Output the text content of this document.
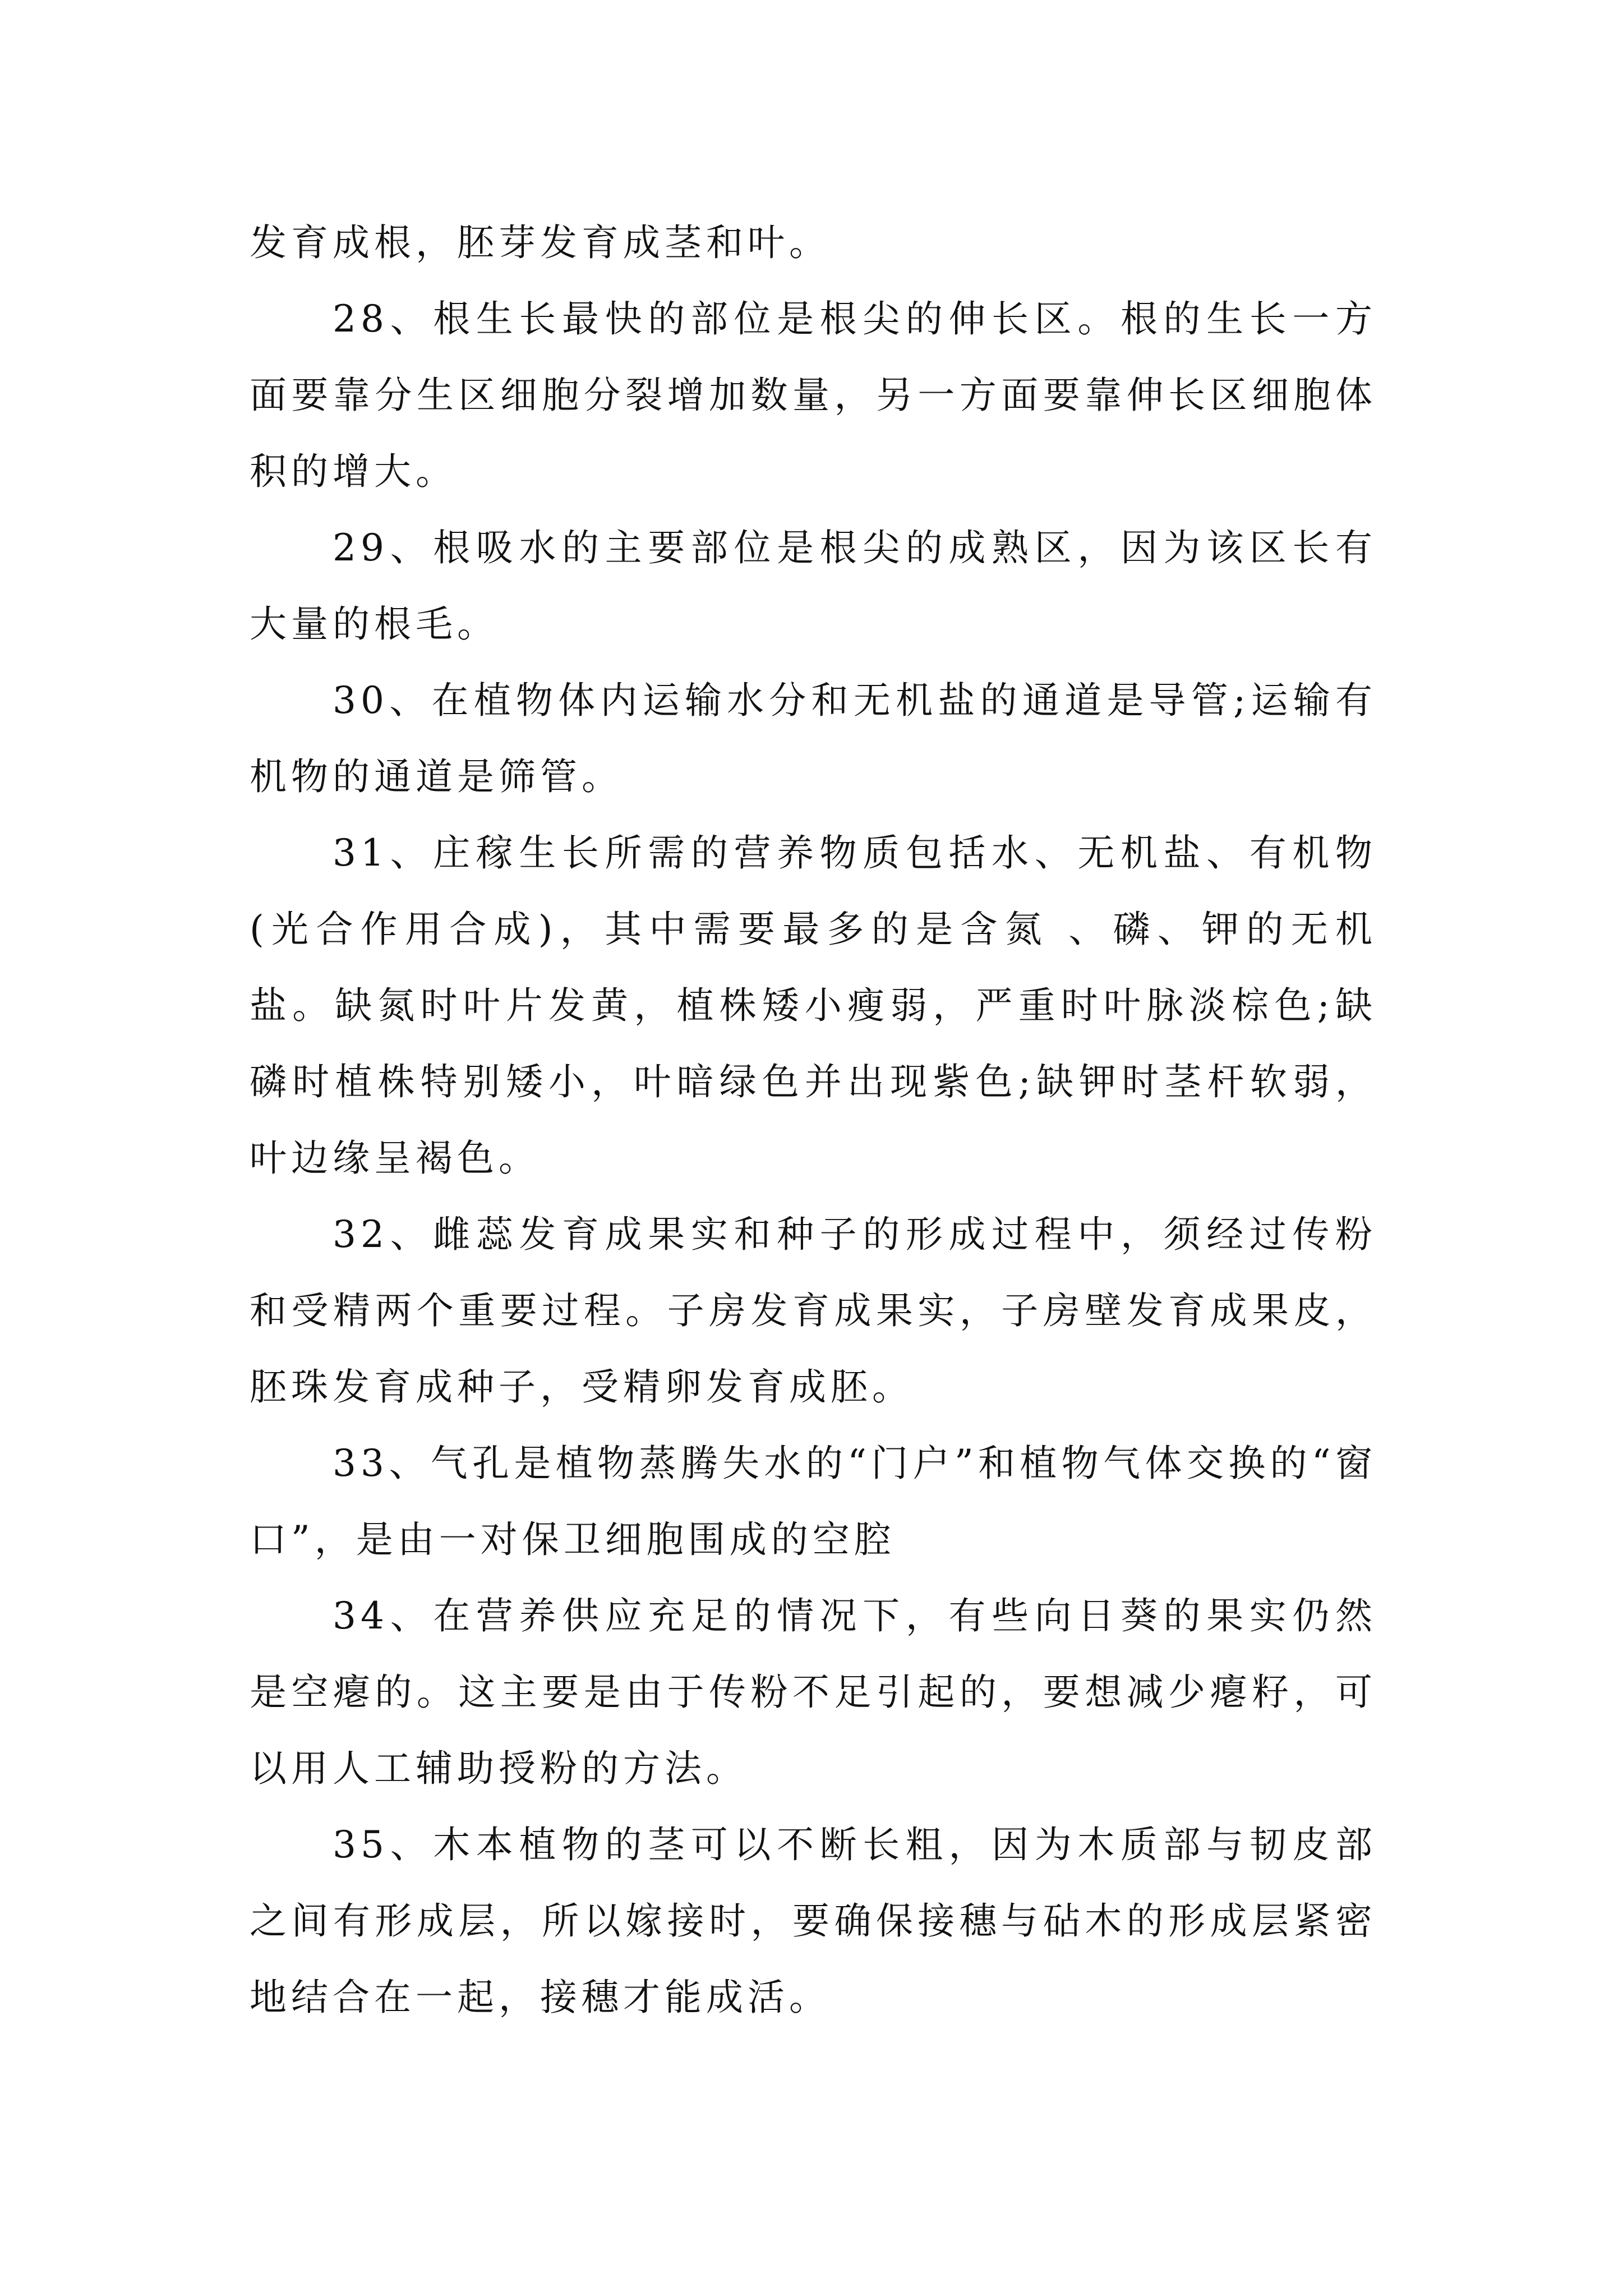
发育成根，胚芽发育成茎和叶。

28、根生长最快的部位是根尖的伸长区。根的生长一方面要靠分生区细胞分裂增加数量，另一方面要靠伸长区细胞体积的增大。

29、根吸水的主要部位是根尖的成熟区，因为该区长有大量的根毛。

30、在植物体内运输水分和无机盐的通道是导管;运输有机物的通道是筛管。

31、庄稼生长所需的营养物质包括水、无机盐、有机物(光合作用合成)，其中需要最多的是含氮 、磷、钾的无机盐。缺氮时叶片发黄，植株矮小瘦弱，严重时叶脉淡棕色;缺磷时植株特别矮小，叶暗绿色并出现紫色;缺钾时茎杆软弱，叶边缘呈褐色。

32、雌蕊发育成果实和种子的形成过程中，须经过传粉和受精两个重要过程。子房发育成果实，子房壁发育成果皮，胚珠发育成种子，受精卵发育成胚。

33、气孔是植物蒸腾失水的“门户”和植物气体交换的“窗口”，是由一对保卫细胞围成的空腔

34、在营养供应充足的情况下，有些向日葵的果实仍然是空瘪的。这主要是由于传粉不足引起的，要想减少瘪籽，可以用人工辅助授粉的方法。

35、木本植物的茎可以不断长粗，因为木质部与韧皮部之间有形成层，所以嫁接时，要确保接穗与砧木的形成层紧密地结合在一起，接穗才能成活。
